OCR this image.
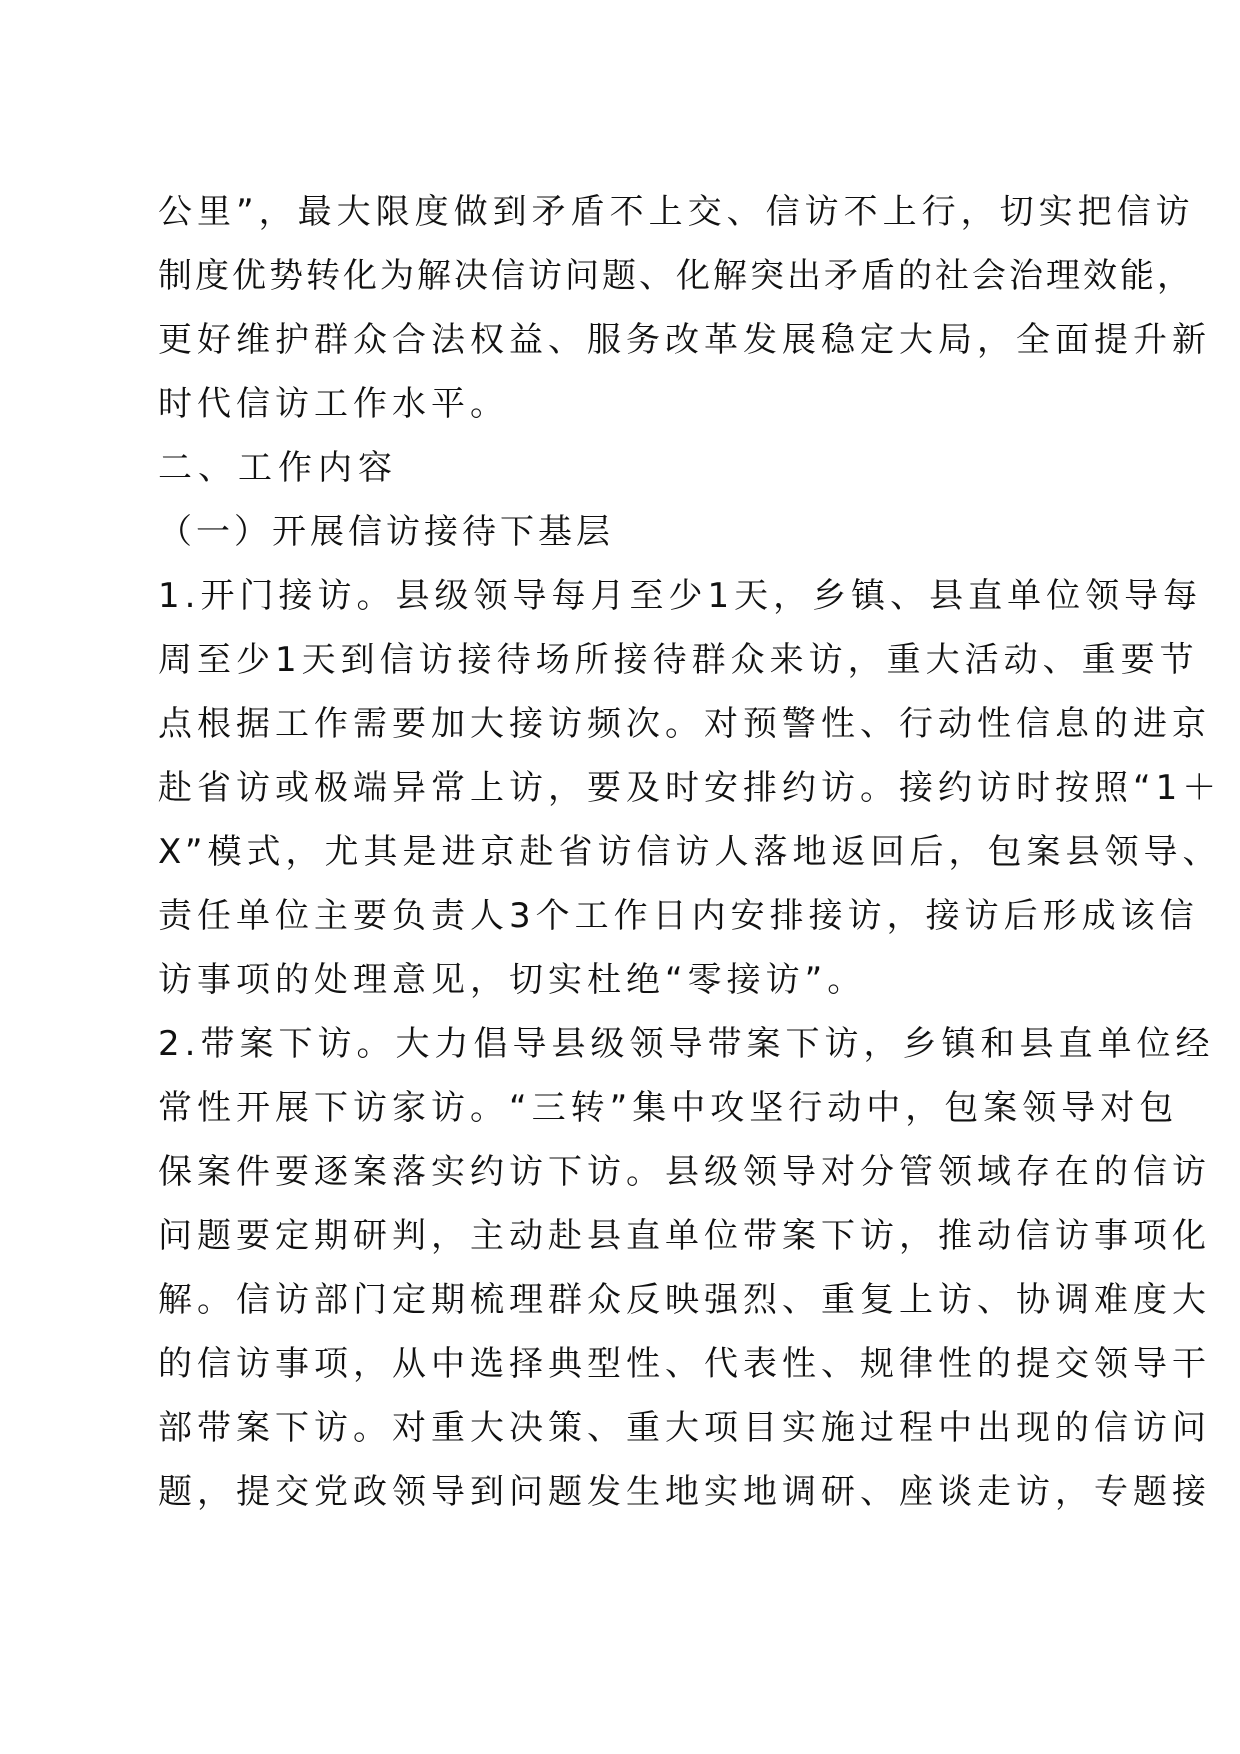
公里”，最大限度做到矛盾不上交、信访不上行，切实把信访
制度优势转化为解决信访问题、化解突出矛盾的社会治理效能，
更好维护群众合法权益、服务改革发展稳定大局，全面提升新
时代信访工作水平。
二、工作内容
（一）开展信访接待下基层
1.开门接访。县级领导每月至少1天，乡镇、县直单位领导每
周至少1天到信访接待场所接待群众来访，重大活动、重要节
点根据工作需要加大接访频次。对预警性、行动性信息的进京
赴省访或极端异常上访，要及时安排约访。接约访时按照“1＋
X”模式，尤其是进京赴省访信访人落地返回后，包案县领导、
责任单位主要负责人3个工作日内安排接访，接访后形成该信
访事项的处理意见，切实杜绝“零接访”。
2.带案下访。大力倡导县级领导带案下访，乡镇和县直单位经
常性开展下访家访。“三转”集中攻坚行动中，包案领导对包
保案件要逐案落实约访下访。县级领导对分管领域存在的信访
问题要定期研判，主动赴县直单位带案下访，推动信访事项化
解。信访部门定期梳理群众反映强烈、重复上访、协调难度大
的信访事项，从中选择典型性、代表性、规律性的提交领导干
部带案下访。对重大决策、重大项目实施过程中出现的信访问
题，提交党政领导到问题发生地实地调研、座谈走访，专题接
